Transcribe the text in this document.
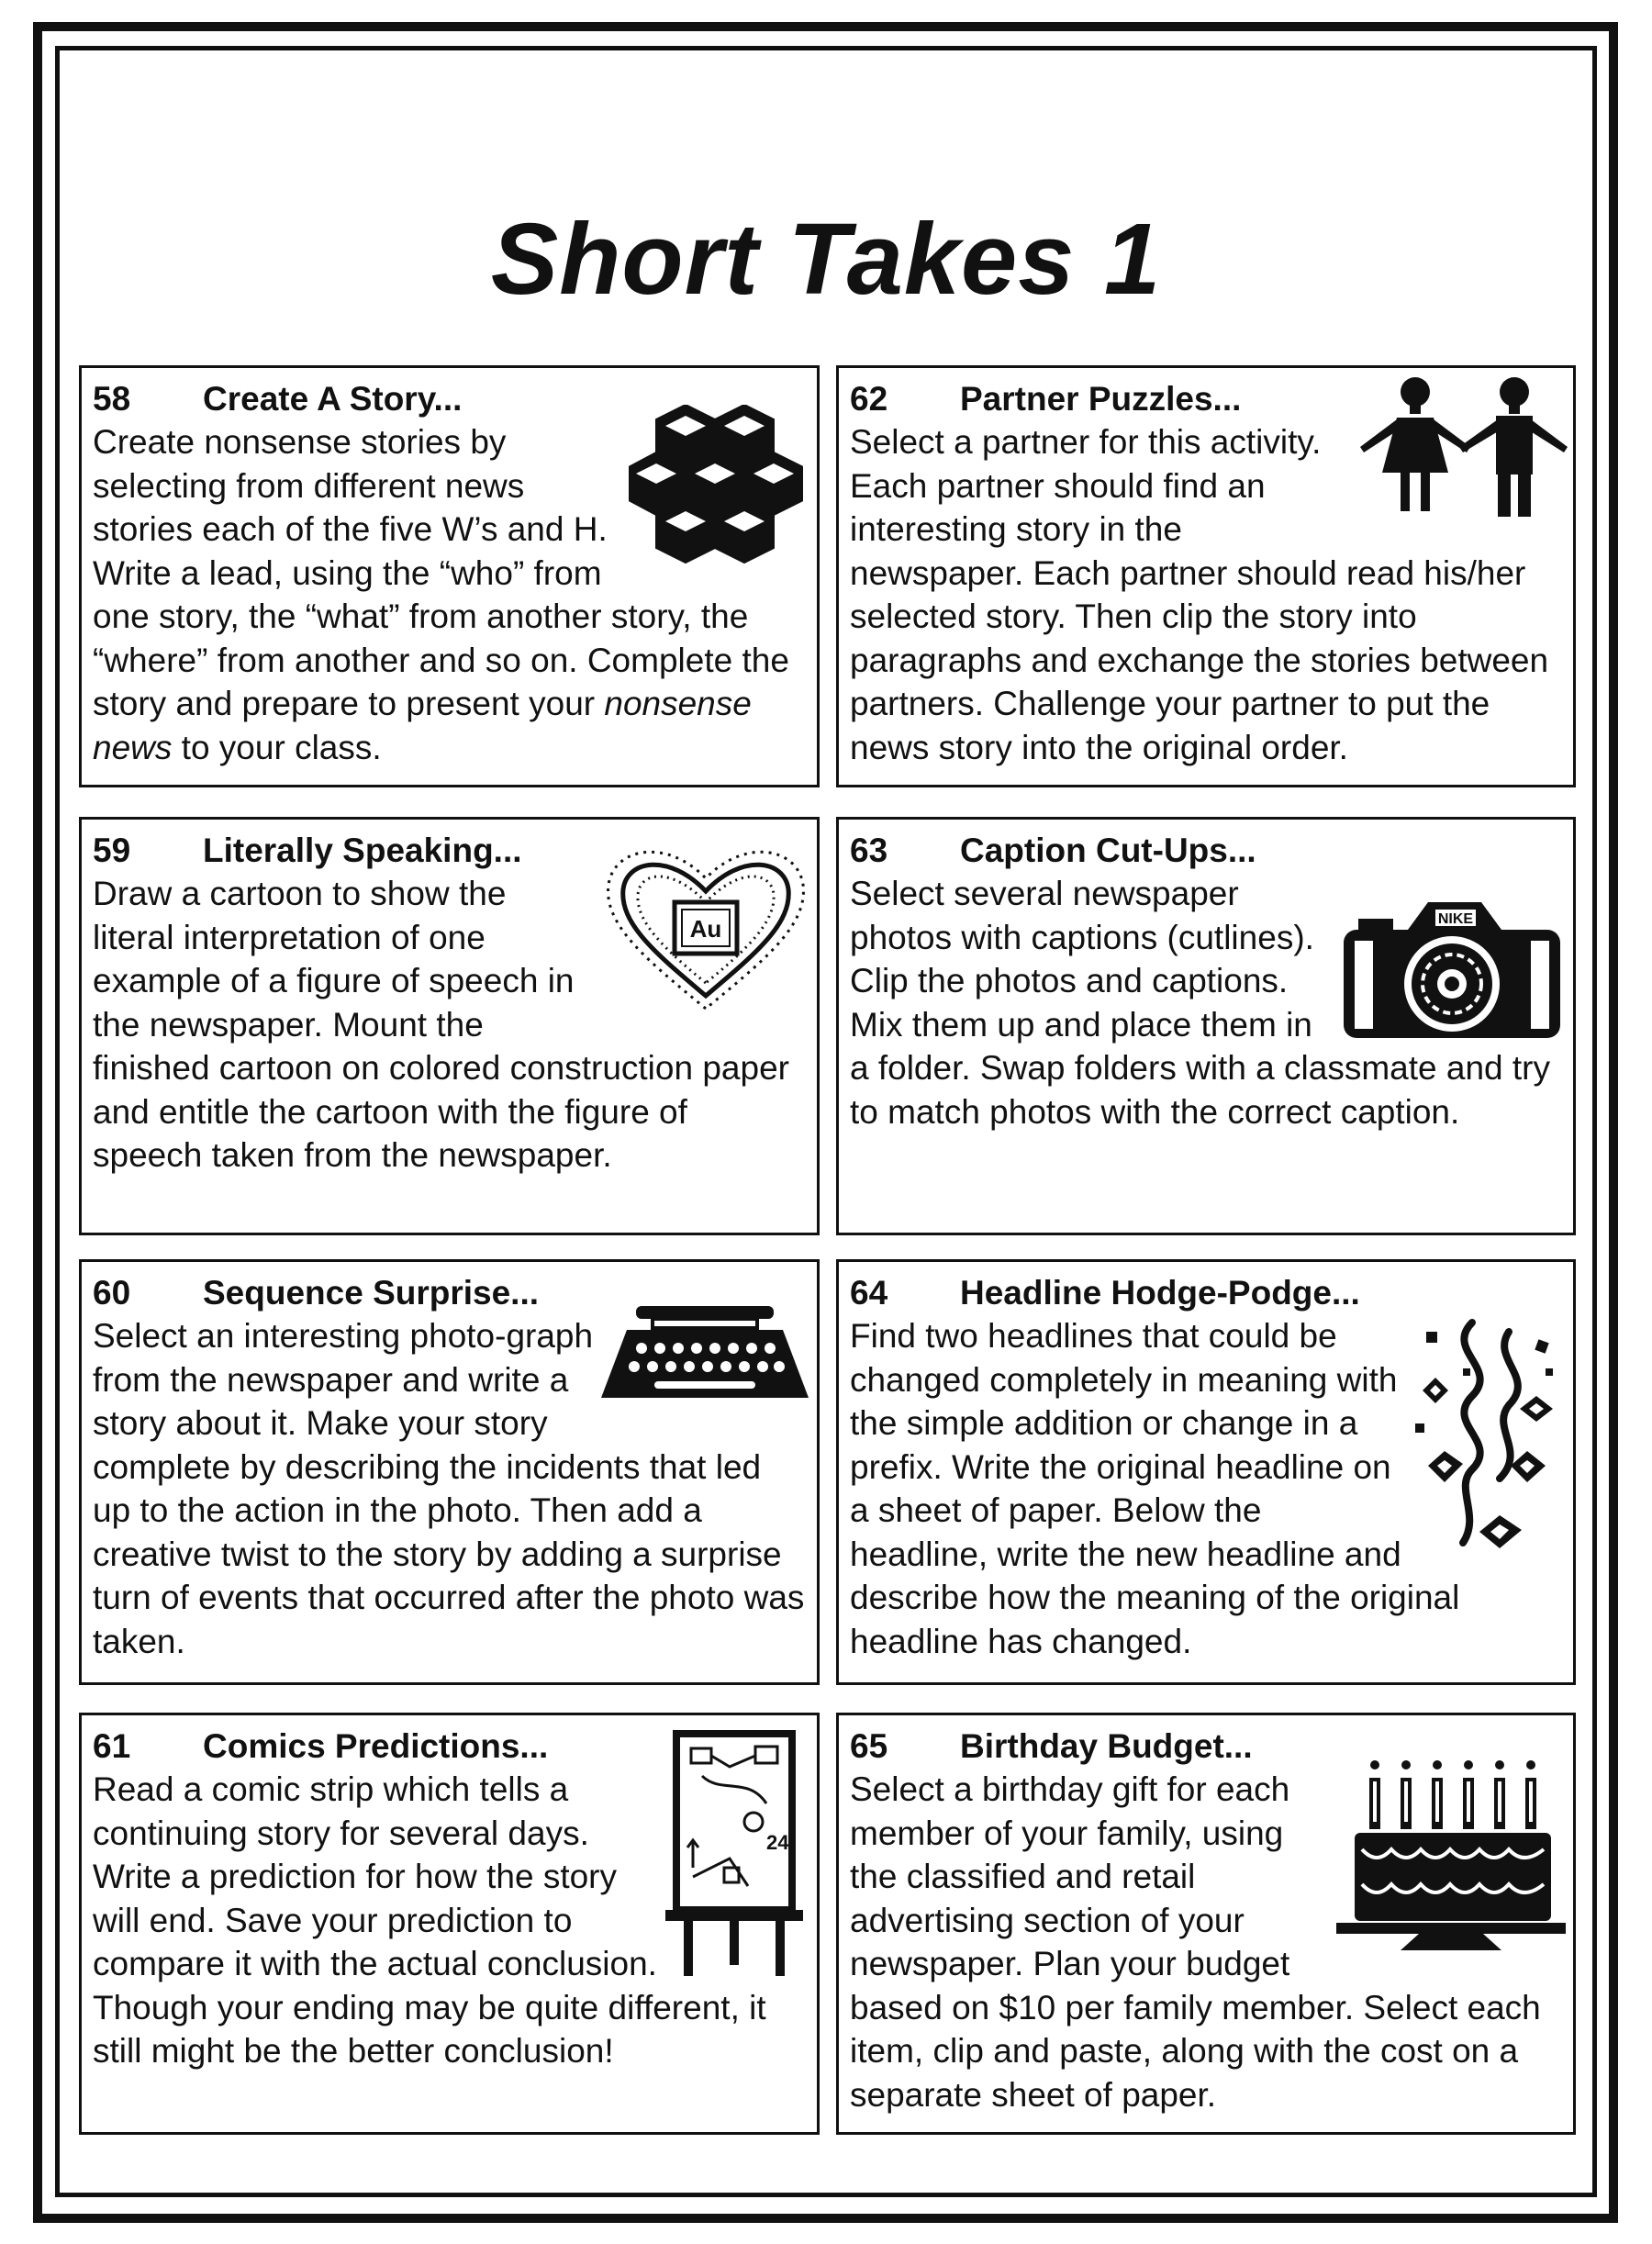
Short Takes 1
58 Create A Story...

Create nonsense stories by selecting from different news stories each of the five W’s and H. Write a lead, using the “who” from one story, the “what” from another story, the “where” from another and so on. Complete the story and prepare to present your nonsense news to your class.

62 Partner Puzzles...

Select a partner for this activity. Each partner should find an interesting story in the newspaper. Each partner should read his/her selected story. Then clip the story into paragraphs and exchange the stories between partners. Challenge your partner to put the news story into the original order.

59 Literally Speaking...

Draw a cartoon to show the literal interpretation of one example of a figure of speech in the newspaper. Mount the finished cartoon on colored construction paper and entitle the cartoon with the figure of speech taken from the newspaper.

Au
63 Caption Cut-Ups...

Select several newspaper photos with captions (cutlines). Clip the photos and captions. Mix them up and place them in a folder. Swap folders with a classmate and try to match photos with the correct caption.

NIKE
60 Sequence Surprise...

Select an interesting photo-graph from the newspaper and write a story about it. Make your story complete by describing the incidents that led up to the action in the photo. Then add a creative twist to the story by adding a surprise turn of events that occurred after the photo was taken.

64 Headline Hodge-Podge...

Find two headlines that could be changed completely in meaning with the simple addition or change in a prefix. Write the original headline on a sheet of paper. Below the headline, write the new headline and describe how the meaning of the original headline has changed.

61 Comics Predictions...

Read a comic strip which tells a continuing story for several days. Write a prediction for how the story will end. Save your prediction to compare it with the actual conclusion. Though your ending may be quite different, it still might be the better conclusion!

24
65 Birthday Budget...

Select a birthday gift for each member of your family, using the classified and retail advertising section of your newspaper. Plan your budget based on $10 per family member. Select each item, clip and paste, along with the cost on a separate sheet of paper.
